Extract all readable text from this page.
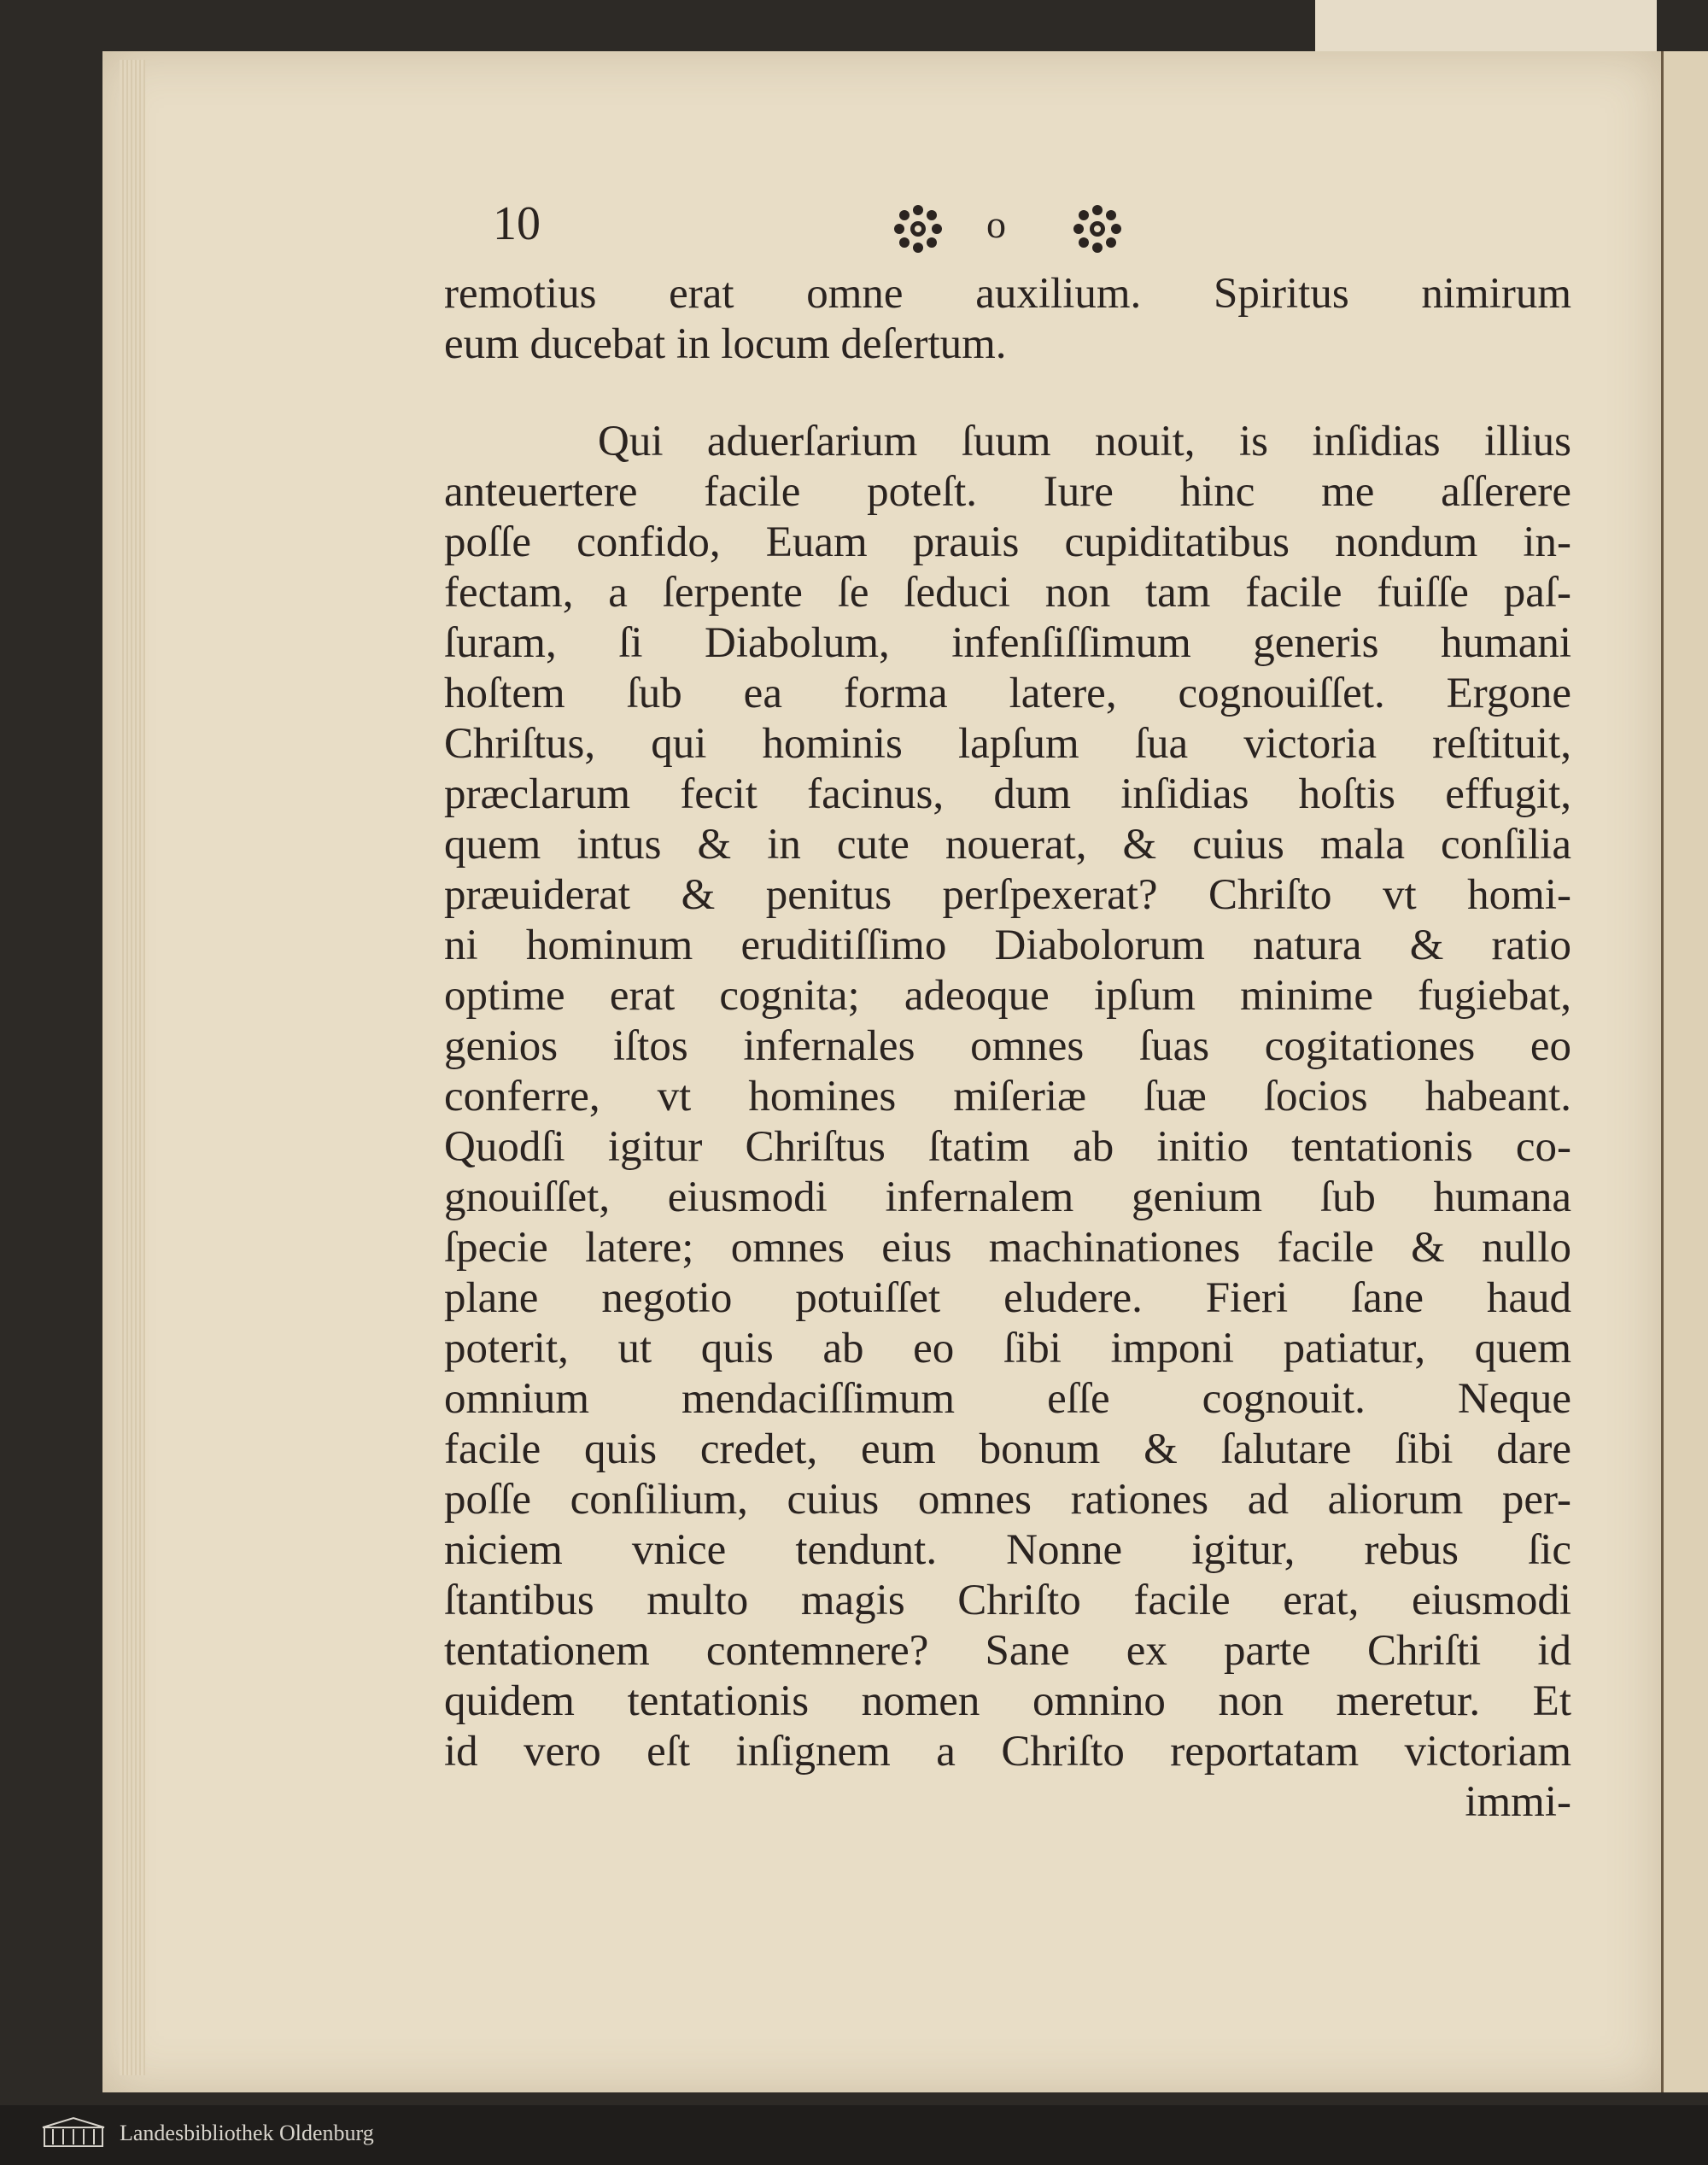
10	o
remotius erat omne auxilium. Spiritus nimirum
eum ducebat in locum deſertum.
Qui aduerſarium ſuum nouit, is inſidias illius
anteuertere facile poteſt. Iure hinc me aſſerere
poſſe confido, Euam prauis cupiditatibus nondum in-
fectam, a ſerpente ſe ſeduci non tam facile fuiſſe paſ-
ſuram, ſi Diabolum, infenſiſſimum generis humani
hoſtem ſub ea forma latere, cognouiſſet. Ergone
Chriſtus, qui hominis lapſum ſua victoria reſtituit,
præclarum fecit facinus, dum inſidias hoſtis effugit,
quem intus & in cute nouerat, & cuius mala conſilia
præuiderat & penitus perſpexerat? Chriſto vt homi-
ni hominum eruditiſſimo Diabolorum natura & ratio
optime erat cognita; adeoque ipſum minime fugiebat,
genios iſtos infernales omnes ſuas cogitationes eo
conferre, vt homines miſeriæ ſuæ ſocios habeant.
Quodſi igitur Chriſtus ſtatim ab initio tentationis co-
gnouiſſet, eiusmodi infernalem genium ſub humana
ſpecie latere; omnes eius machinationes facile & nullo
plane negotio potuiſſet eludere. Fieri ſane haud
poterit, ut quis ab eo ſibi imponi patiatur, quem
omnium mendaciſſimum eſſe cognouit. Neque
facile quis credet, eum bonum & ſalutare ſibi dare
poſſe conſilium, cuius omnes rationes ad aliorum per-
niciem vnice tendunt. Nonne igitur, rebus ſic
ſtantibus multo magis Chriſto facile erat, eiusmodi
tentationem contemnere? Sane ex parte Chriſti id
quidem tentationis nomen omnino non meretur. Et
id vero eſt inſignem a Chriſto reportatam victoriam
immi-
Landesbibliothek Oldenburg
